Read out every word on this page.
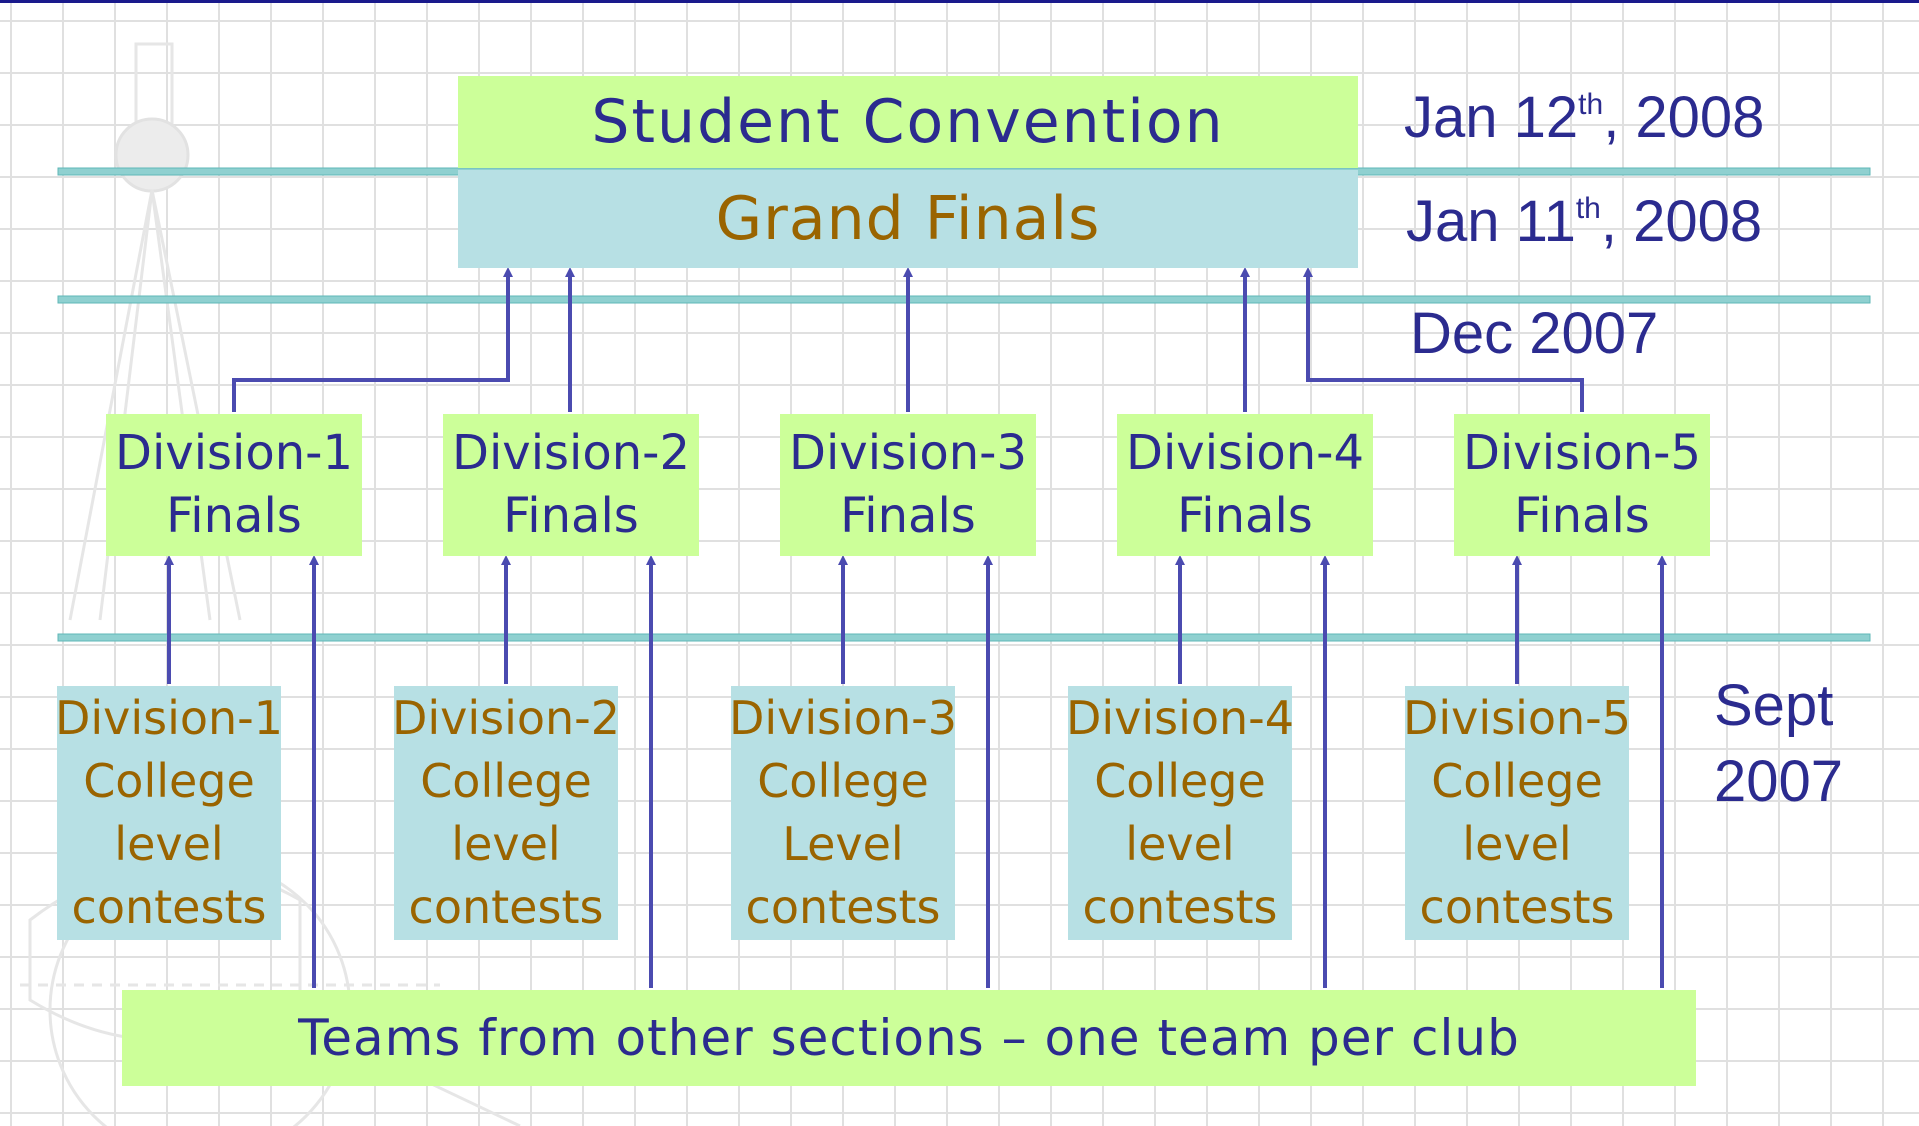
Student Convention
Grand Finals
Division-1
Finals
Division-2
Finals
Division-3
Finals
Division-4
Finals
Division-5
Finals
Division-1
College
level
contests
Division-2
College
level
contests
Division-3
College
Level
contests
Division-4
College
level
contests
Division-5
College
level
contests
Teams from other sections – one team per club
Jan 12th, 2008
Jan 11th, 2008
Dec 2007
Sept
2007
